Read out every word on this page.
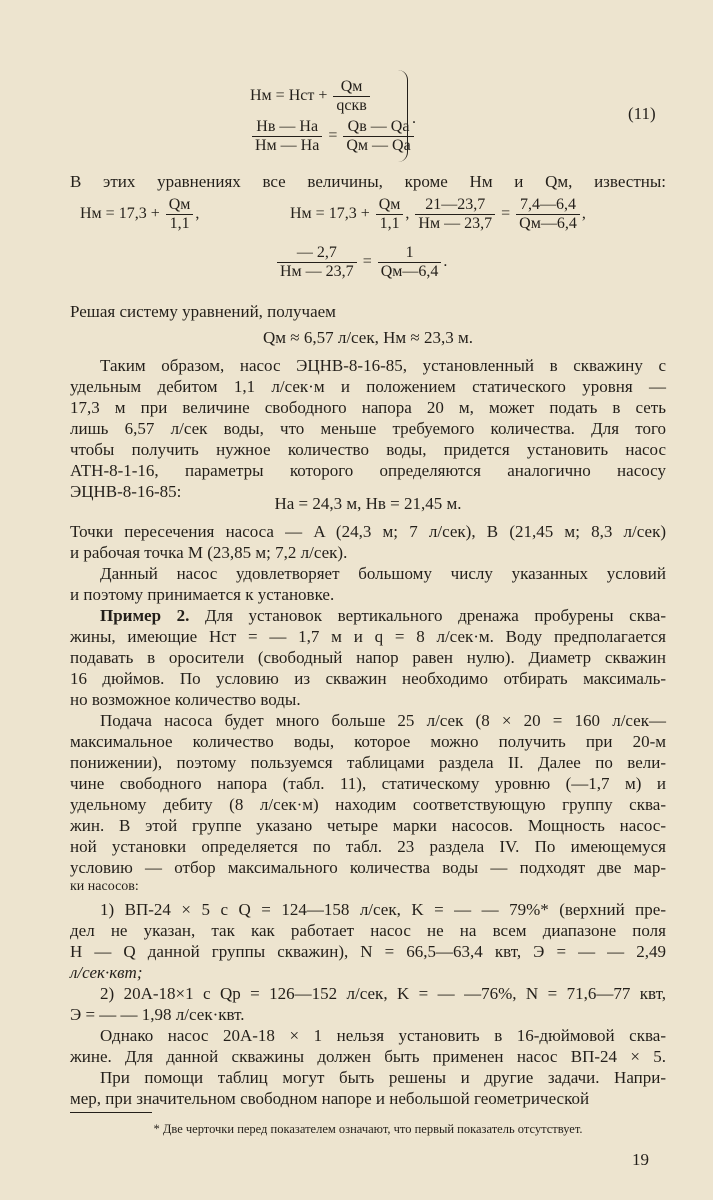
Hм = Hст + $\frac{Qм}{\text{qскв}}$
$\frac{Hв — Hа}{Hм — Hа} = \frac{Qв — Qа}{Qм — Qа}$
.	(11)
В этих уравнениях все величины, кроме Hм и Qм, известны:
Hм = $17,3 + \frac{Qм}{1,1}$ ,	Hм = $17,3 + \frac{Qм}{1,1}$ , $\frac{21—23,7}{Hм — 23,7} = \frac{7,4—6,4}{Qм—6,4}$ ,
$\frac{— 2,7}{Hм — 23,7} = \frac{1}{Qм—6,4}$ .
Решая систему уравнений, получаем
Qм ≈ 6,57 л/сек, Hм ≈ 23,3 м.
Таким образом, насос ЭЦНВ-8-16-85, установленный в скважину с
удельным дебитом 1,1 л/сек·м и положением статического уровня —
17,3 м при величине свободного напора 20 м, может подать в сеть
лишь 6,57 л/сек воды, что меньше требуемого количества. Для того
чтобы получить нужное количество воды, придется установить насос
АТН-8-1-16, параметры которого определяются аналогично насосу
ЭЦНВ-8-16-85:
Hа = 24,3 м, Hв = 21,45 м.
Точки пересечения насоса — A (24,3 м; 7 л/сек), B (21,45 м; 8,3 л/сек)
и рабочая точка M (23,85 м; 7,2 л/сек).
Данный насос удовлетворяет большому числу указанных условий
и поэтому принимается к установке.
Пример 2. Для установок вертикального дренажа пробурены сква-
жины, имеющие Hст = — 1,7 м и q = 8 л/сек·м. Воду предполагается
подавать в оросители (свободный напор равен нулю). Диаметр скважин
16 дюймов. По условию из скважин необходимо отбирать максималь-
но возможное количество воды.
Подача насоса будет много больше 25 л/сек (8 × 20 = 160 л/сек—
максимальное количество воды, которое можно получить при 20-м
понижении), поэтому пользуемся таблицами раздела II. Далее по вели-
чине свободного напора (табл. 11), статическому уровню (—1,7 м) и
удельному дебиту (8 л/сек·м) находим соответствующую группу сква-
жин. В этой группе указано четыре марки насосов. Мощность насос-
ной установки определяется по табл. 23 раздела IV. По имеющемуся
условию — отбор максимального количества воды — подходят две мар-
ки насосов:
1) ВП-24 × 5 с Q = 124—158 л/сек, K = — — 79%* (верхний пре-
дел не указан, так как работает насос не на всем диапазоне поля
H — Q данной группы скважин), N = 66,5—63,4 квт, Э = — — 2,49
л/сек·квт;
2) 20А-18×1 с Qр = 126—152 л/сек, K = — —76%, N = 71,6—77 квт,
Э = — — 1,98 л/сек·квт.
* Две черточки перед показателем означают, что первый показатель отсутствует.
19
Однако насос 20А-18 × 1 нельзя установить в 16-дюймовой сква-
жине. Для данной скважины должен быть применен насос ВП-24 × 5.
При помощи таблиц могут быть решены и другие задачи. Напри-
мер, при значительном свободном напоре и небольшой геометрической
